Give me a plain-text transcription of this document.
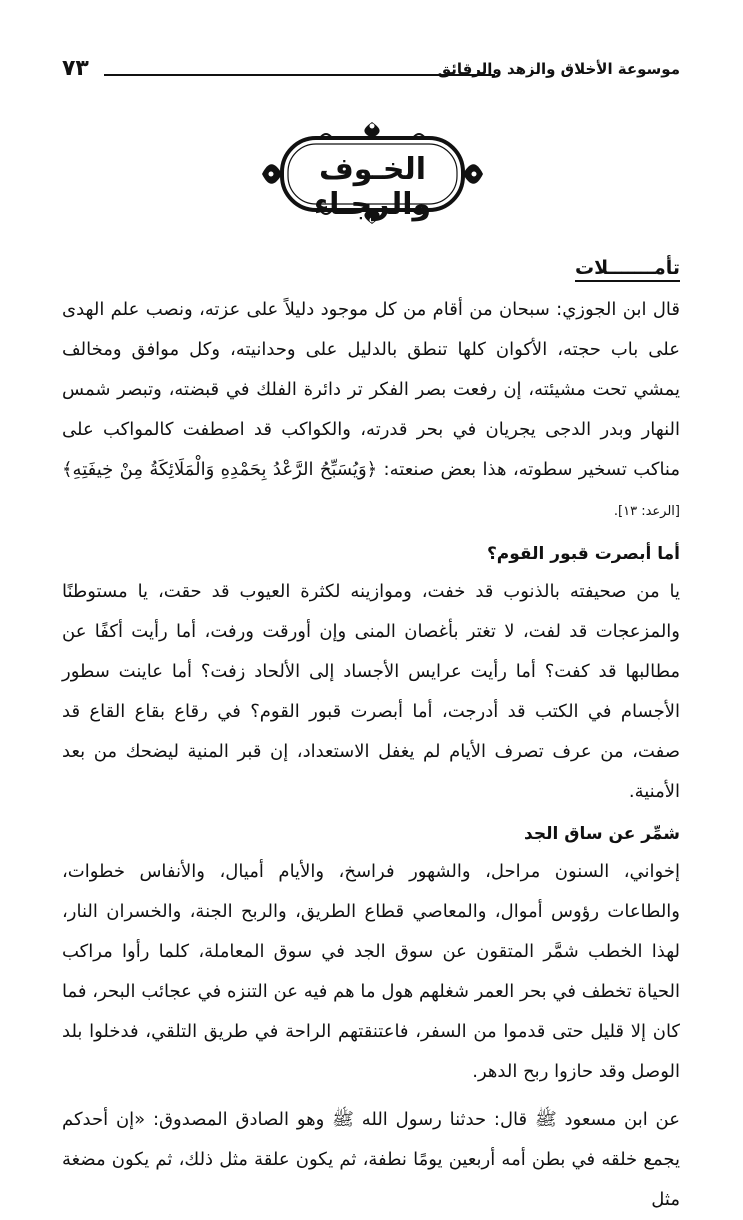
موسوعة الأخلاق والزهد والرقائق
٧٣
الخـوف والرجـاء
تأمـــــــلات

قال ابن الجوزي: سبحان من أقام من كل موجود دليلاً على عزته، ونصب علم الهدى على باب حجته، الأكوان كلها تنطق بالدليل على وحدانيته، وكل موافق ومخالف يمشي تحت مشيئته، إن رفعت بصر الفكر تر دائرة الفلك في قبضته، وتبصر شمس النهار وبدر الدجى يجريان في بحر قدرته، والكواكب قد اصطفت كالمواكب على مناكب تسخير سطوته، هذا بعض صنعته: ﴿وَيُسَبِّحُ الرَّعْدُ بِحَمْدِهِ وَالْمَلَائِكَةُ مِنْ خِيفَتِهِ﴾ [الرعد: ١٣].

أما أبصرت قبور القوم؟

يا من صحيفته بالذنوب قد خفت، وموازينه لكثرة العيوب قد حقت، يا مستوطنًا والمزعجات قد لفت، لا تغتر بأغصان المنى وإن أورقت ورفت، أما رأيت أكفًا عن مطالبها قد كفت؟ أما رأيت عرايس الأجساد إلى الألحاد زفت؟ أما عاينت سطور الأجسام في الكتب قد أدرجت، أما أبصرت قبور القوم؟ في رقاع بقاع القاع قد صفت، من عرف تصرف الأيام لم يغفل الاستعداد، إن قبر المنية ليضحك من بعد الأمنية.

شمِّر عن ساق الجد

إخواني، السنون مراحل، والشهور فراسخ، والأيام أميال، والأنفاس خطوات، والطاعات رؤوس أموال، والمعاصي قطاع الطريق، والربح الجنة، والخسران النار، لهذا الخطب شمَّر المتقون عن سوق الجد في سوق المعاملة، كلما رأوا مراكب الحياة تخطف في بحر العمر شغلهم هول ما هم فيه عن التنزه في عجائب البحر، فما كان إلا قليل حتى قدموا من السفر، فاعتنقتهم الراحة في طريق التلقي، فدخلوا بلد الوصل وقد حازوا ربح الدهر.

عن ابن مسعود ﷺ قال: حدثنا رسول الله ﷺ وهو الصادق المصدوق: «إن أحدكم يجمع خلقه في بطن أمه أربعين يومًا نطفة، ثم يكون علقة مثل ذلك، ثم يكون مضغة مثل
